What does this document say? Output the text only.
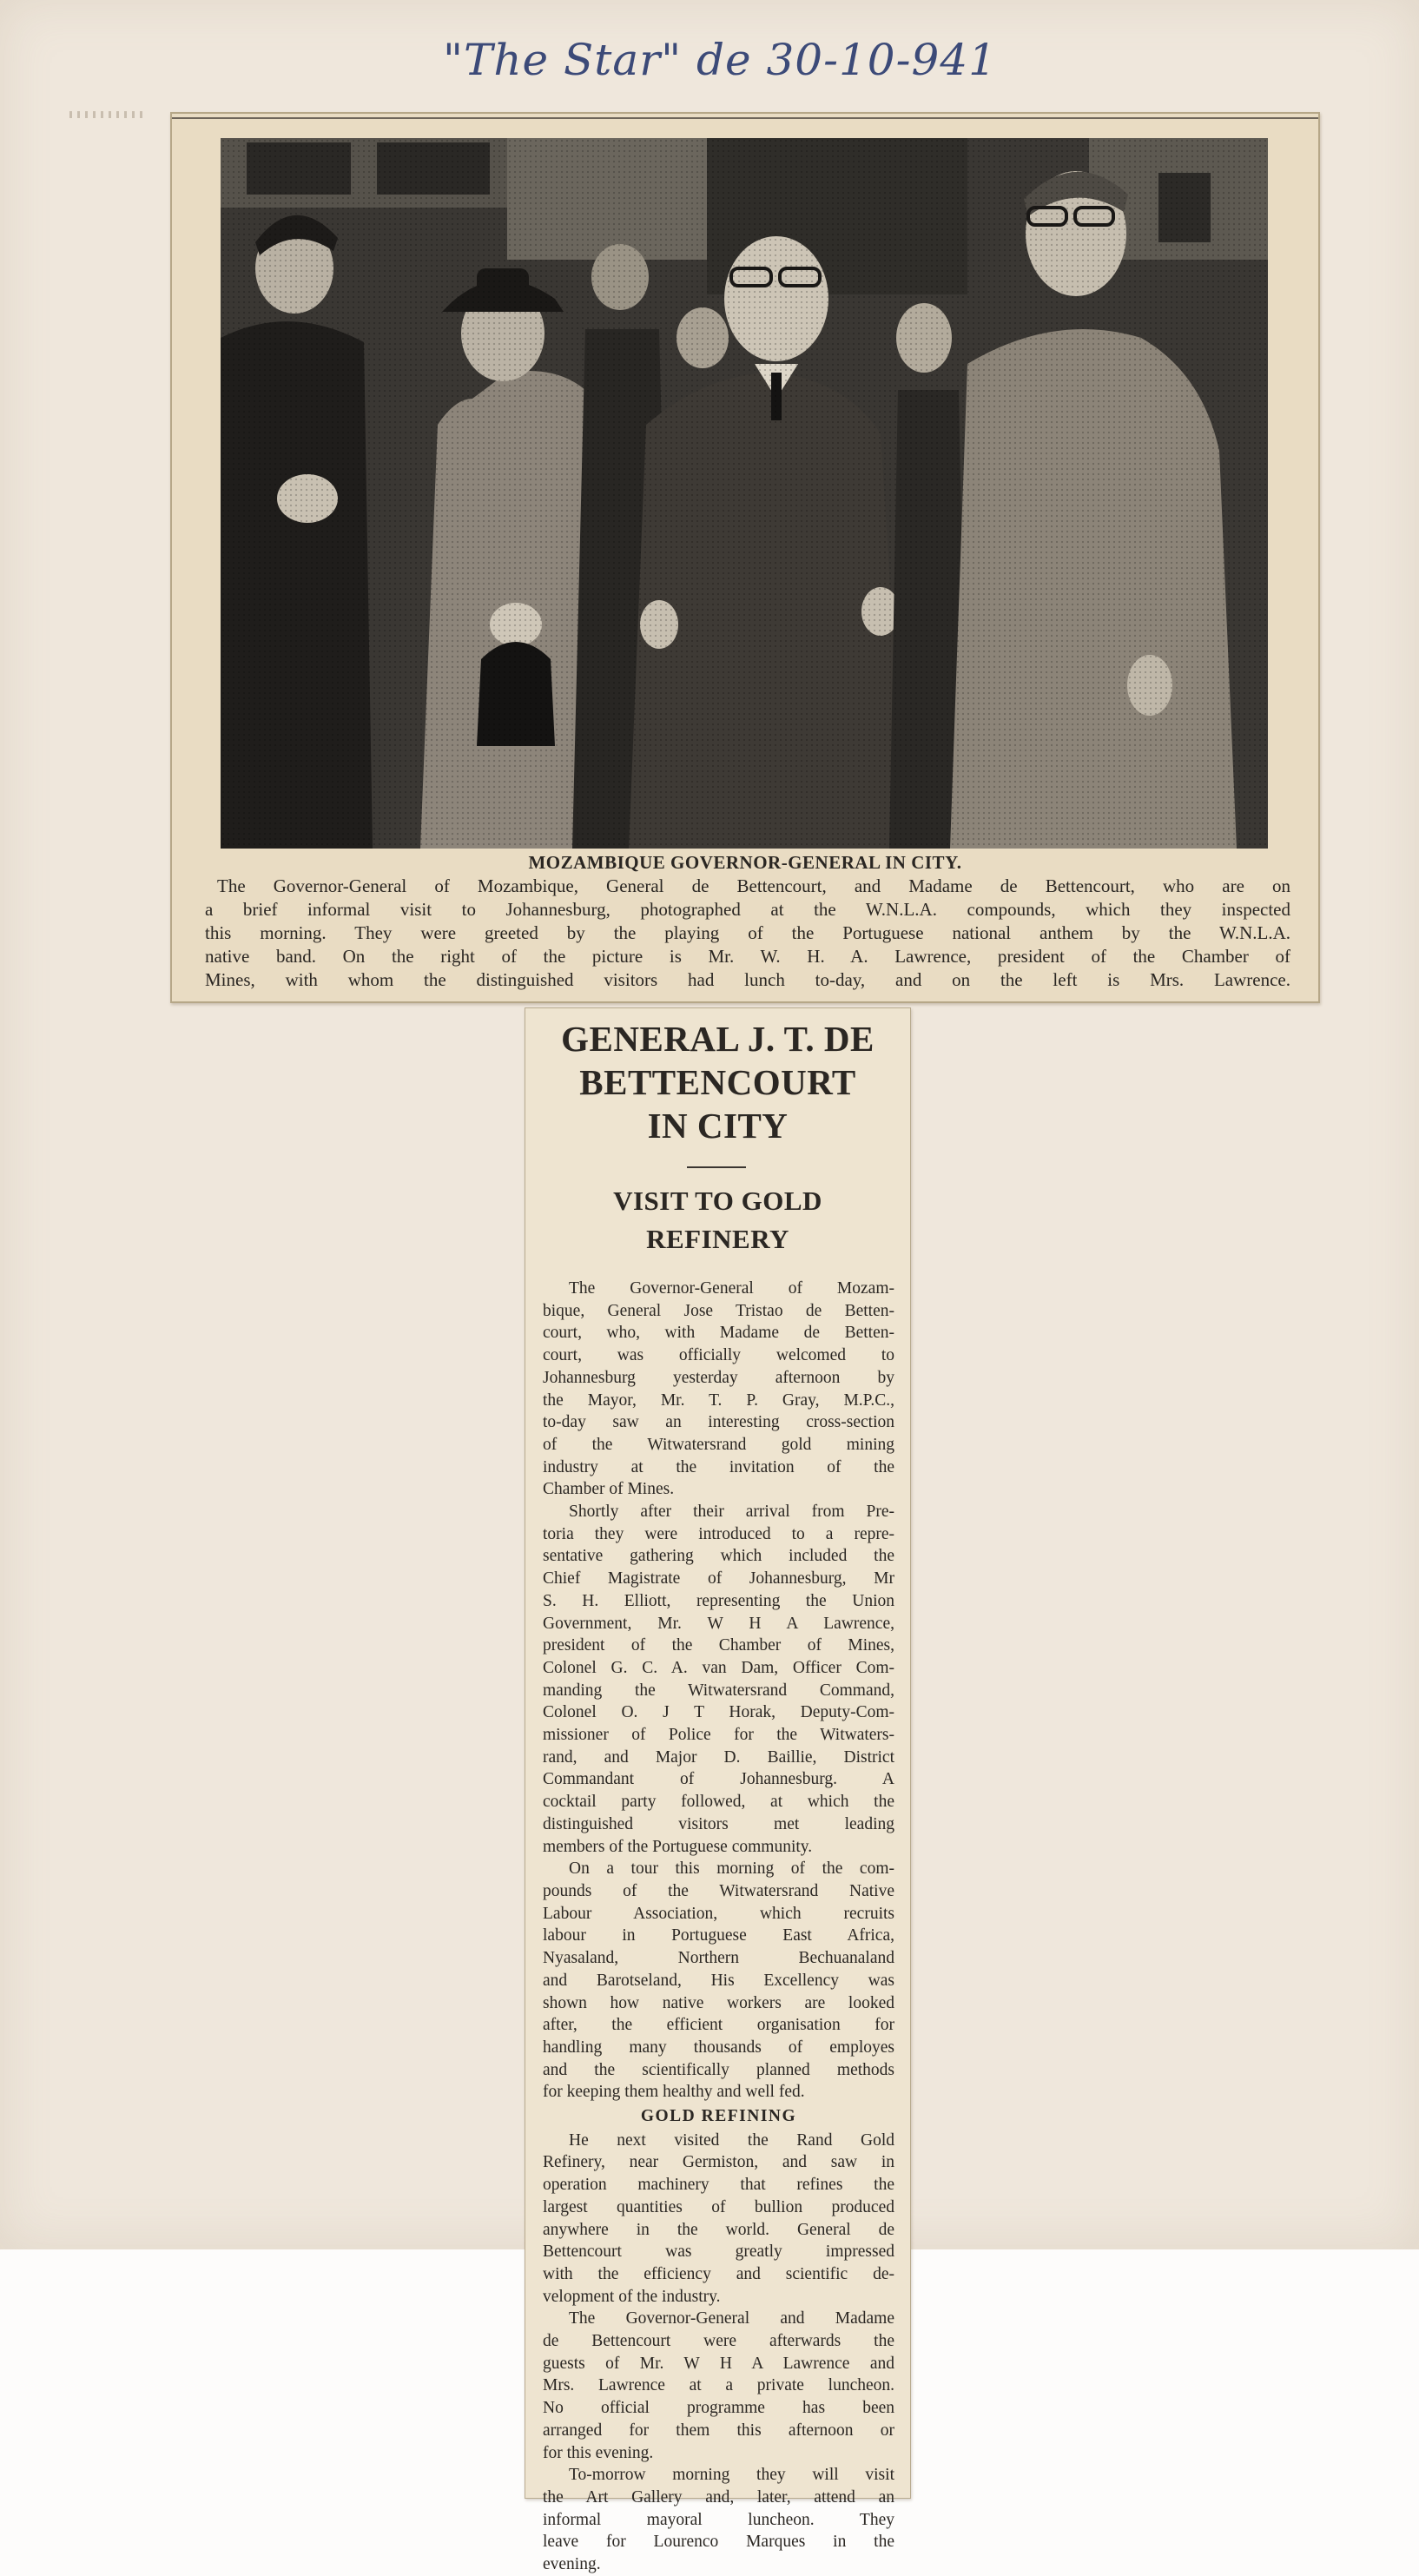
"The Star" de 30-10-941
MOZAMBIQUE GOVERNOR-GENERAL IN CITY.
The Governor-General of Mozambique, General de Bettencourt, and Madame de Bettencourt, who are on
a brief informal visit to Johannesburg, photographed at the W.N.L.A. compounds, which they inspected
this morning. They were greeted by the playing of the Portuguese national anthem by the W.N.L.A.
native band. On the right of the picture is Mr. W. H. A. Lawrence, president of the Chamber of
Mines, with whom the distinguished visitors had lunch to-day, and on the left is Mrs. Lawrence.
GENERAL J. T. DE
BETTENCOURT
IN CITY
VISIT TO GOLD
REFINERY
The Governor-General of Mozam-
bique, General Jose Tristao de Betten-
court, who, with Madame de Betten-
court, was officially welcomed to
Johannesburg yesterday afternoon by
the Mayor, Mr. T. P. Gray, M.P.C.,
to-day saw an interesting cross-section
of the Witwatersrand gold mining
industry at the invitation of the
Chamber of Mines.
Shortly after their arrival from Pre-
toria they were introduced to a repre-
sentative gathering which included the
Chief Magistrate of Johannesburg, Mr
S. H. Elliott, representing the Union
Government, Mr. W H A Lawrence,
president of the Chamber of Mines,
Colonel G. C. A. van Dam, Officer Com-
manding the Witwatersrand Command,
Colonel O. J T Horak, Deputy-Com-
missioner of Police for the Witwaters-
rand, and Major D. Baillie, District
Commandant of Johannesburg. A
cocktail party followed, at which the
distinguished visitors met leading
members of the Portuguese community.
On a tour this morning of the com-
pounds of the Witwatersrand Native
Labour Association, which recruits
labour in Portuguese East Africa,
Nyasaland, Northern Bechuanaland
and Barotseland, His Excellency was
shown how native workers are looked
after, the efficient organisation for
handling many thousands of employes
and the scientifically planned methods
for keeping them healthy and well fed.
GOLD REFINING
He next visited the Rand Gold
Refinery, near Germiston, and saw in
operation machinery that refines the
largest quantities of bullion produced
anywhere in the world. General de
Bettencourt was greatly impressed
with the efficiency and scientific de-
velopment of the industry.
The Governor-General and Madame
de Bettencourt were afterwards the
guests of Mr. W H A Lawrence and
Mrs. Lawrence at a private luncheon.
No official programme has been
arranged for them this afternoon or
for this evening.
To-morrow morning they will visit
the Art Gallery and, later, attend an
informal mayoral luncheon. They
leave for Lourenco Marques in the
evening.
